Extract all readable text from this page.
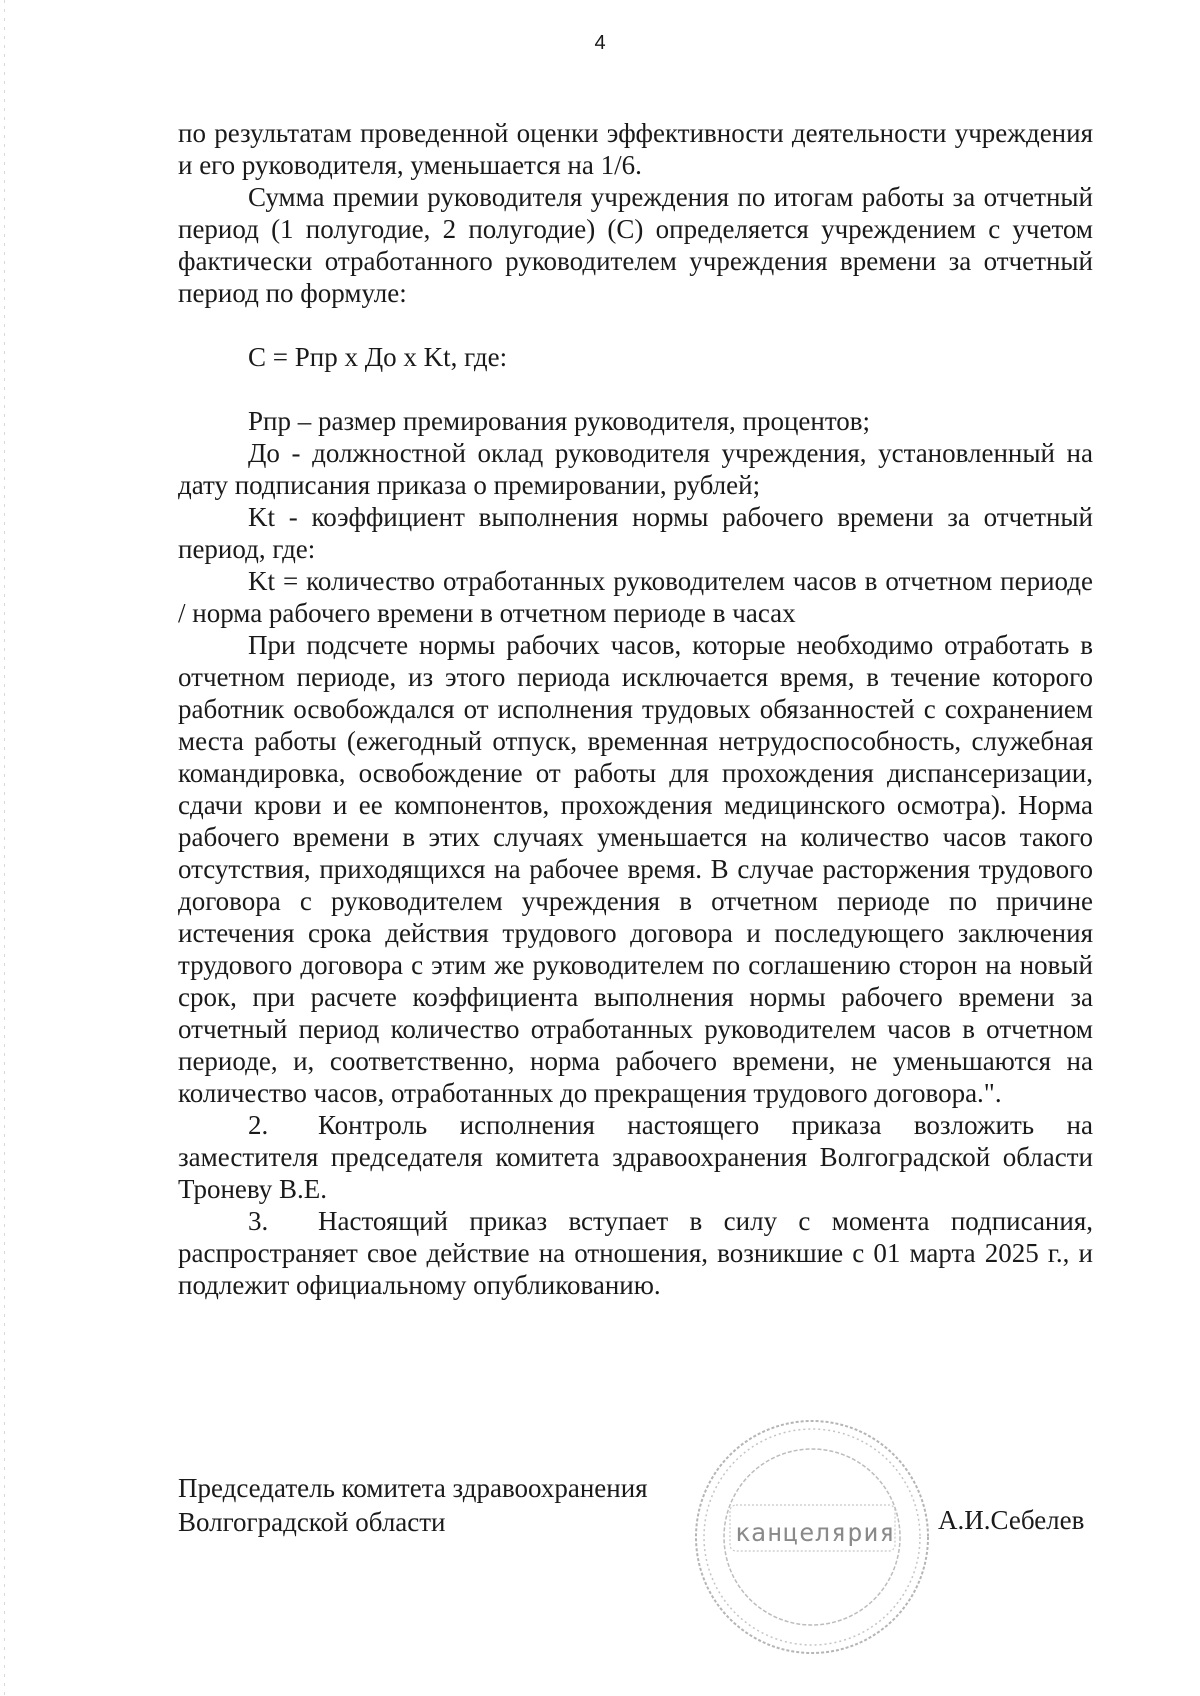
4

по результатам проведенной оценки эффективности деятельности учреждения и его руководителя, уменьшается на 1/6.

Сумма премии руководителя учреждения по итогам работы за отчетный период (1 полугодие, 2 полугодие) (С) определяется учреждением с учетом фактически отработанного руководителем учреждения времени за отчетный период по формуле:

С = Рпр х До х Kt, где:

Рпр – размер премирования руководителя, процентов;

До - должностной оклад руководителя учреждения, установленный на дату подписания приказа о премировании, рублей;

Kt - коэффициент выполнения нормы рабочего времени за отчетный период, где:

Kt = количество отработанных руководителем часов в отчетном периоде / норма рабочего времени в отчетном периоде в часах

При подсчете нормы рабочих часов, которые необходимо отработать в отчетном периоде, из этого периода исключается время, в течение которого работник освобождался от исполнения трудовых обязанностей с сохранением места работы (ежегодный отпуск, временная нетрудоспособность, служебная командировка, освобождение от работы для прохождения диспансеризации, сдачи крови и ее компонентов, прохождения медицинского осмотра). Норма рабочего времени в этих случаях уменьшается на количество часов такого отсутствия, приходящихся на рабочее время. В случае расторжения трудового договора с руководителем учреждения в отчетном периоде по причине истечения срока действия трудового договора и последующего заключения трудового договора с этим же руководителем по соглашению сторон на новый срок, при расчете коэффициента выполнения нормы рабочего времени за отчетный период количество отработанных руководителем часов в отчетном периоде, и, соответственно, норма рабочего времени, не уменьшаются на количество часов, отработанных до прекращения трудового договора.".

2. Контроль исполнения настоящего приказа возложить на заместителя председателя комитета здравоохранения Волгоградской области Троневу В.Е.

3. Настоящий приказ вступает в силу с момента подписания, распространяет свое действие на отношения, возникшие с 01 марта 2025 г., и подлежит официальному опубликованию.

Председатель комитета здравоохранения
Волгоградской области	канцелярия А.И.Себелев
